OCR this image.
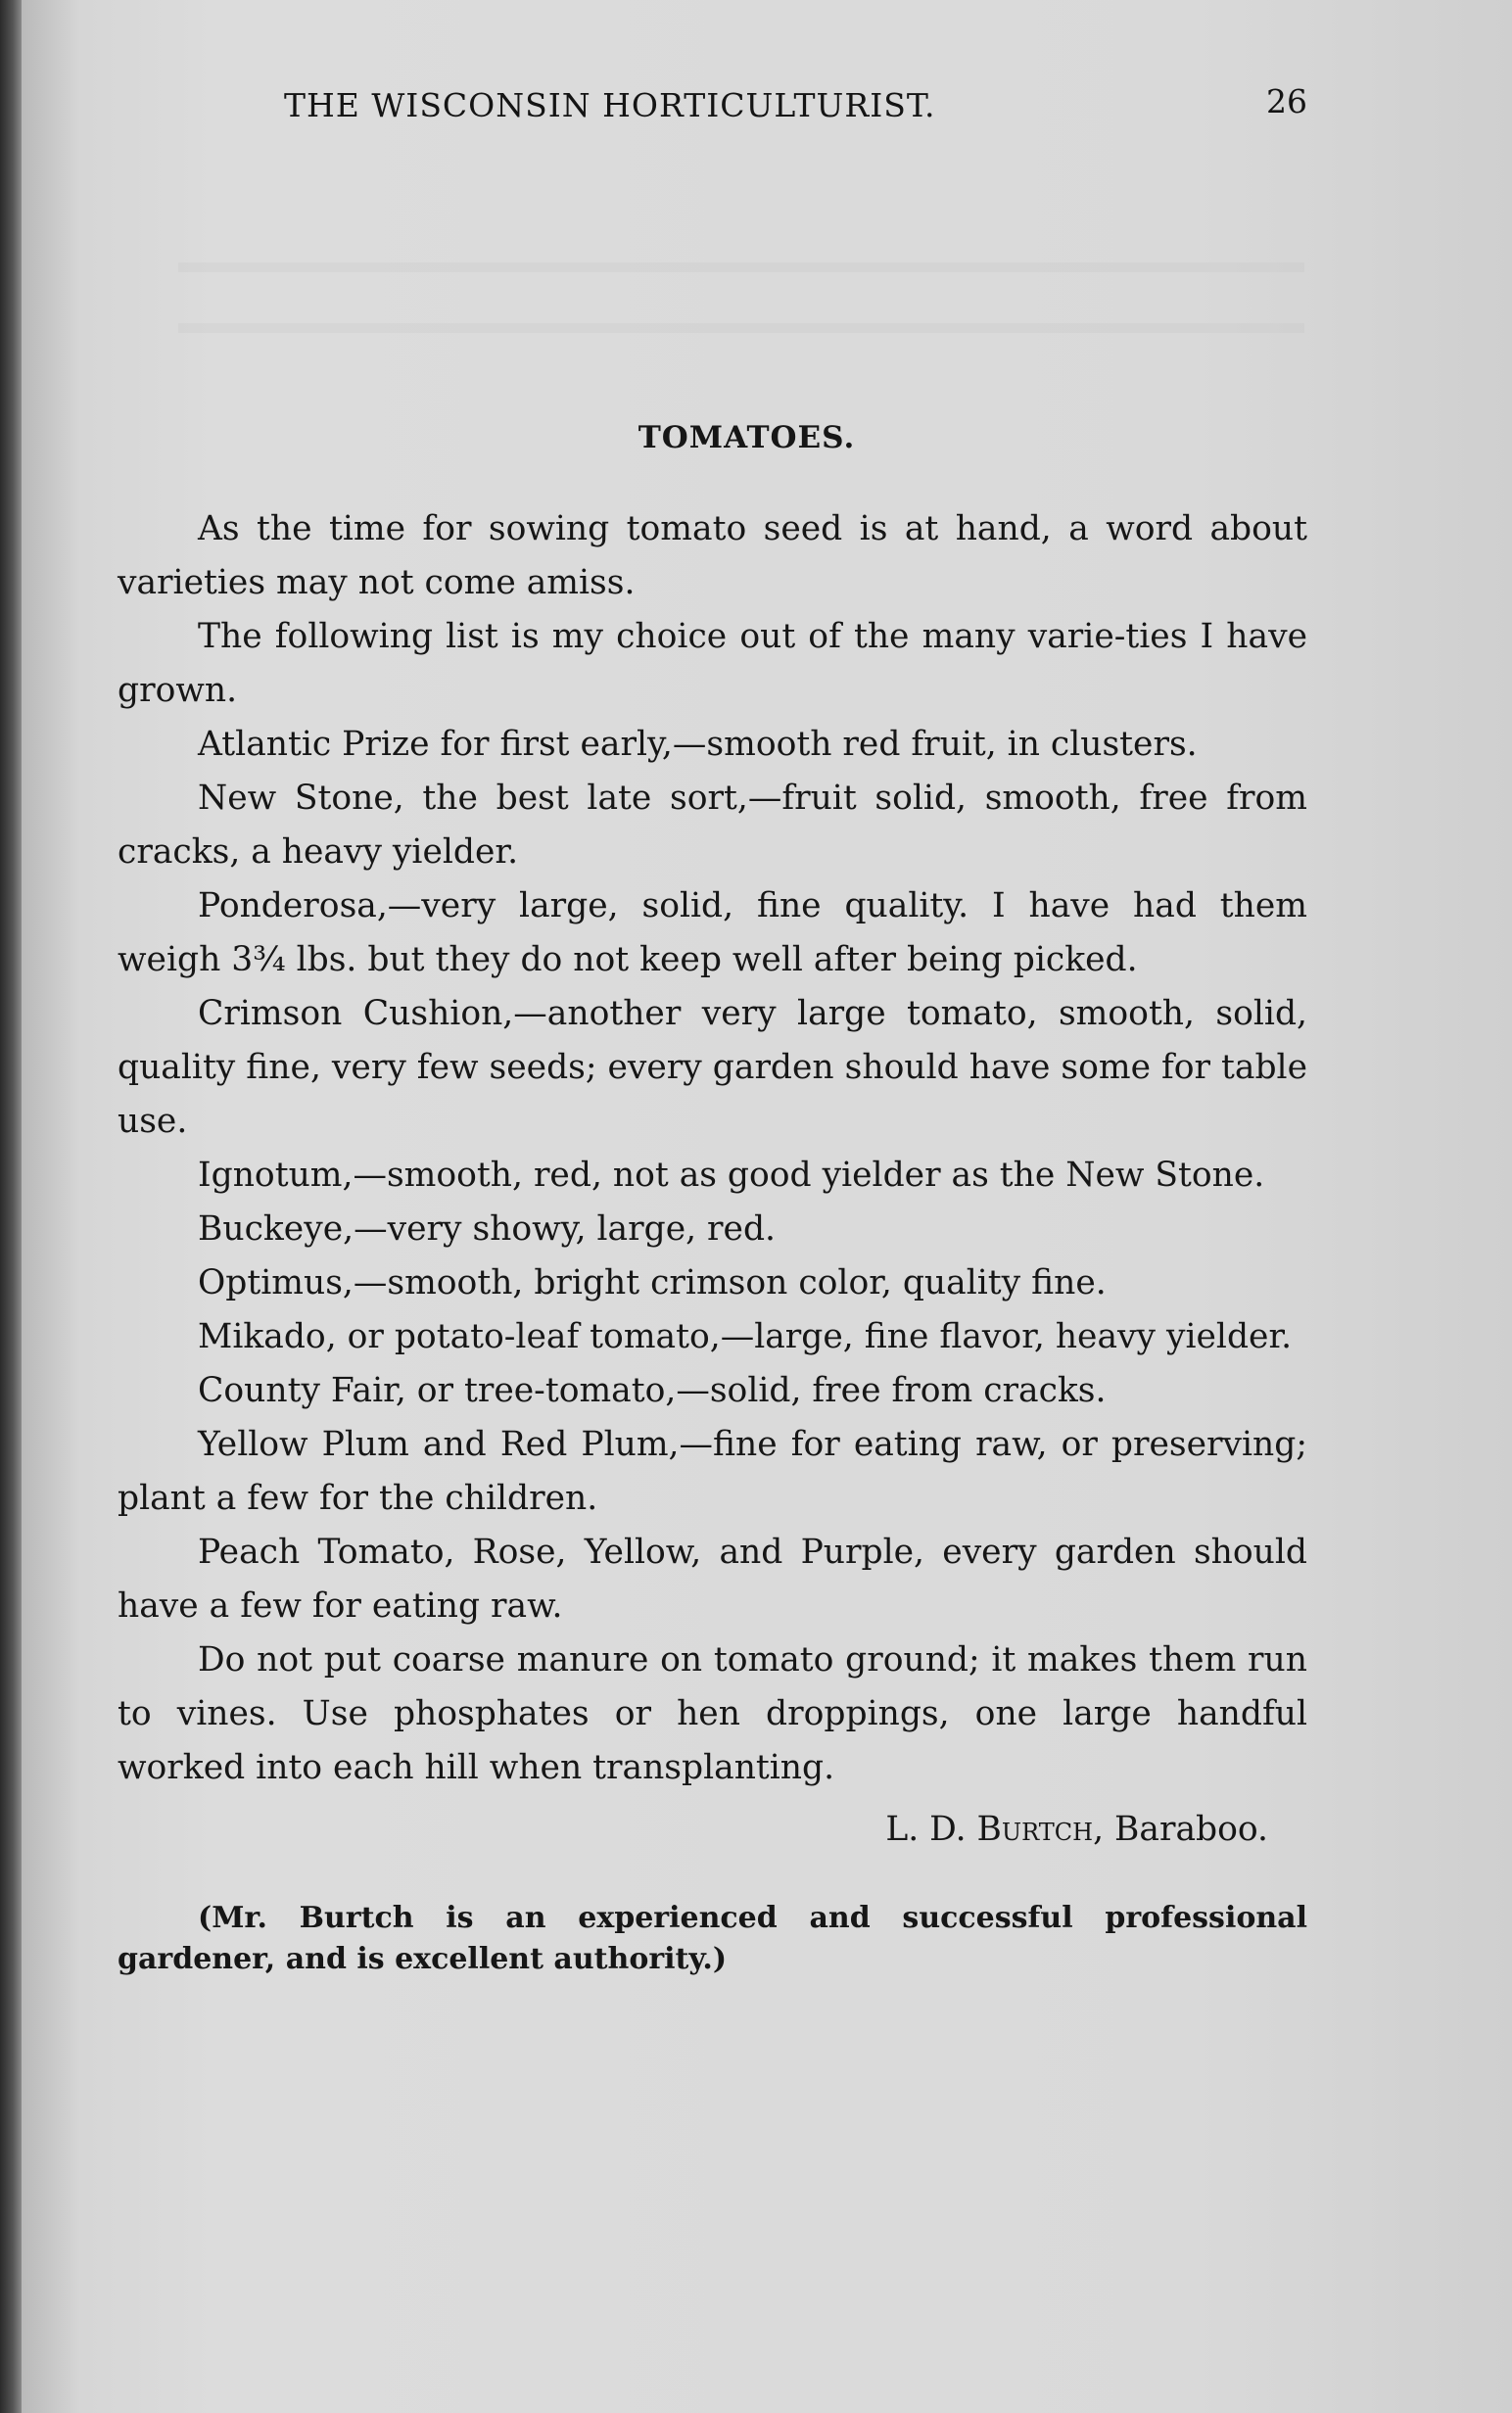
THE WISCONSIN HORTICULTURIST.	26
TOMATOES.

As the time for sowing tomato seed is at hand, a word about varieties may not come amiss.

The following list is my choice out of the many varie-ties I have grown.

Atlantic Prize for first early,—smooth red fruit, in clusters.

New Stone, the best late sort,—fruit solid, smooth, free from cracks, a heavy yielder.

Ponderosa,—very large, solid, fine quality. I have had them weigh 3¾ lbs. but they do not keep well after being picked.

Crimson Cushion,—another very large tomato, smooth, solid, quality fine, very few seeds; every garden should have some for table use.

Ignotum,—smooth, red, not as good yielder as the New Stone.

Buckeye,—very showy, large, red.

Optimus,—smooth, bright crimson color, quality fine.

Mikado, or potato-leaf tomato,—large, fine flavor, heavy yielder.

County Fair, or tree-tomato,—solid, free from cracks.

Yellow Plum and Red Plum,—fine for eating raw, or preserving; plant a few for the children.

Peach Tomato, Rose, Yellow, and Purple, every garden should have a few for eating raw.

Do not put coarse manure on tomato ground; it makes them run to vines. Use phosphates or hen droppings, one large handful worked into each hill when transplanting.

L. D. Burtch, Baraboo.

(Mr. Burtch is an experienced and successful professional gardener, and is excellent authority.)
